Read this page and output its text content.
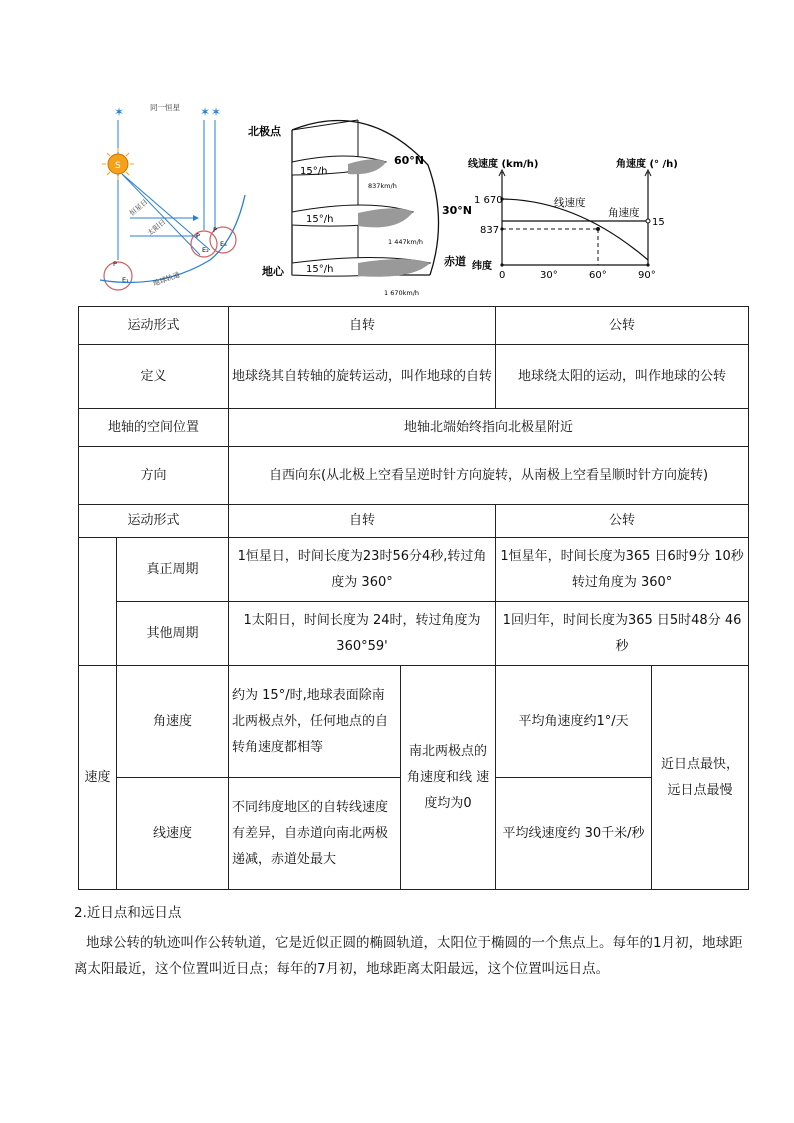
✶	✶ ✶
同一恒星
S
恒星日
太阳日
E₁
E₂
E₃
P
P
P
地球轨道
北极点
地心
15°/h
15°/h
15°/h
60°N
30°N
赤道
837km/h
1 447km/h
1 670km/h
线速度 (km/h)	角速度 (° /h)
1 670
837
15
纬度
0	30°	60°	90°
线速度
角速度
运动形式		自转		公转	
定义		地球绕其自转轴的旋转运动，叫作地球的自转		地球绕太阳的运动，叫作地球的公转	
地轴的空间位置		地轴北端始终指向北极星附近			
方向		自西向东(从北极上空看呈逆时针方向旋转，从南极上空看呈顺时针方向旋转)			
运动形式		自转		公转	
	真正周期	1恒星日，时间长度为23时56分4秒,转过角度为 360°		1恒星年，时间长度为365 日6时9分 10秒转过角度为 360°	
	其他周期	1太阳日，时间长度为 24时，转过角度为 360°59'		1回归年，时间长度为365 日5时48分 46秒	
速度	角速度	约为 15°/时,地球表面除南北两极点外，任何地点的自转角速度都相等	南北两极点的角速度和线 速度均为0	平均角速度约1°/天	近日点最快，远日点最慢
	线速度	不同纬度地区的自转线速度有差异，自赤道向南北两极递减，赤道处最大		平均线速度约 30千米/秒	
2.近日点和远日点
地球公转的轨迹叫作公转轨道，它是近似正圆的椭圆轨道，太阳位于椭圆的一个焦点上。每年的1月初，地球距离太阳最近，这个位置叫近日点；每年的7月初，地球距离太阳最远，这个位置叫远日点。
